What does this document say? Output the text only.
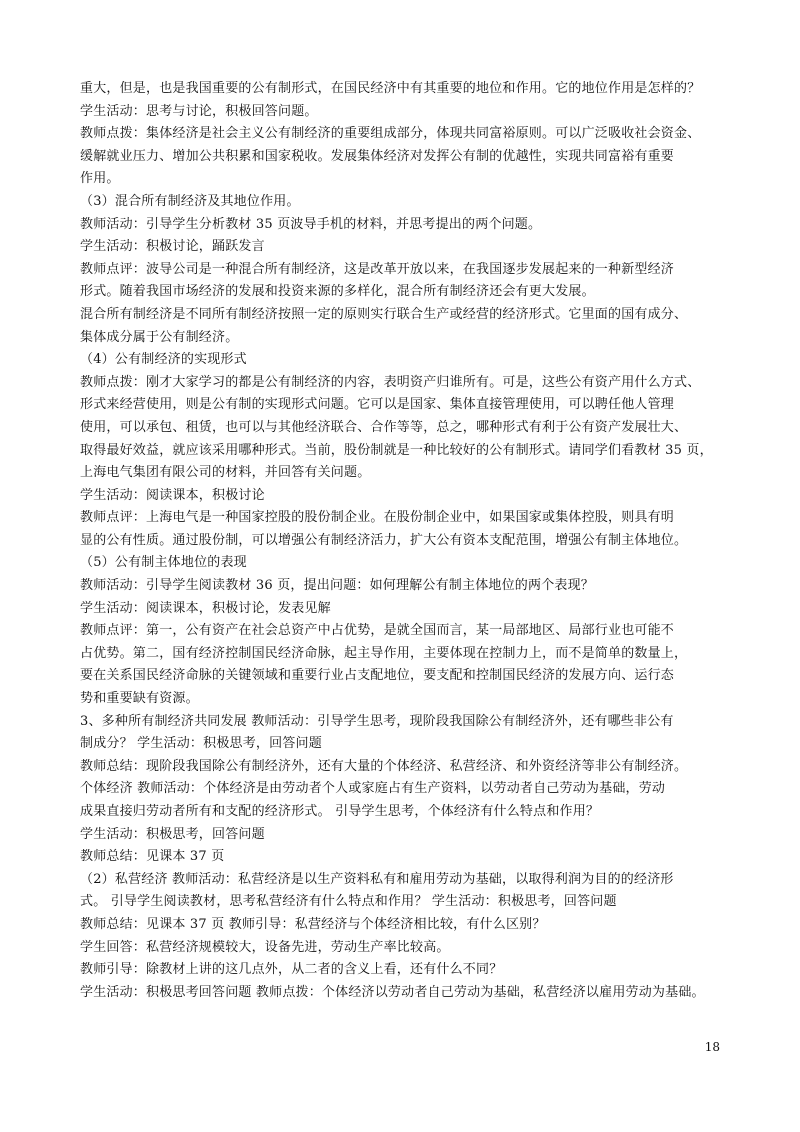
重大，但是，也是我国重要的公有制形式，在国民经济中有其重要的地位和作用。它的地位作用是怎样的？
学生活动：思考与讨论，积极回答问题。
教师点拨：集体经济是社会主义公有制经济的重要组成部分，体现共同富裕原则。可以广泛吸收社会资金、
缓解就业压力、增加公共积累和国家税收。发展集体经济对发挥公有制的优越性，实现共同富裕有重要
作用。
（3）混合所有制经济及其地位作用。
教师活动：引导学生分析教材 35 页波导手机的材料，并思考提出的两个问题。
学生活动：积极讨论，踊跃发言
教师点评：波导公司是一种混合所有制经济，这是改革开放以来，在我国逐步发展起来的一种新型经济
形式。随着我国市场经济的发展和投资来源的多样化，混合所有制经济还会有更大发展。
混合所有制经济是不同所有制经济按照一定的原则实行联合生产或经营的经济形式。它里面的国有成分、
集体成分属于公有制经济。
（4）公有制经济的实现形式
教师点拨：刚才大家学习的都是公有制经济的内容，表明资产归谁所有。可是，这些公有资产用什么方式、
形式来经营使用，则是公有制的实现形式问题。它可以是国家、集体直接管理使用，可以聘任他人管理
使用，可以承包、租赁，也可以与其他经济联合、合作等等，总之，哪种形式有利于公有资产发展壮大、
取得最好效益，就应该采用哪种形式。当前，股份制就是一种比较好的公有制形式。请同学们看教材 35 页，
上海电气集团有限公司的材料，并回答有关问题。
学生活动：阅读课本，积极讨论
教师点评：上海电气是一种国家控股的股份制企业。在股份制企业中，如果国家或集体控股，则具有明
显的公有性质。通过股份制，可以增强公有制经济活力，扩大公有资本支配范围，增强公有制主体地位。
（5）公有制主体地位的表现
教师活动：引导学生阅读教材 36 页，提出问题：如何理解公有制主体地位的两个表现？
学生活动：阅读课本，积极讨论，发表见解
教师点评：第一，公有资产在社会总资产中占优势，是就全国而言，某一局部地区、局部行业也可能不
占优势。第二，国有经济控制国民经济命脉，起主导作用，主要体现在控制力上，而不是简单的数量上，
要在关系国民经济命脉的关键领域和重要行业占支配地位，要支配和控制国民经济的发展方向、运行态
势和重要缺有资源。
3、多种所有制经济共同发展 教师活动：引导学生思考，现阶段我国除公有制经济外，还有哪些非公有
制成分？ 学生活动：积极思考，回答问题
教师总结：现阶段我国除公有制经济外，还有大量的个体经济、私营经济、和外资经济等非公有制经济。
个体经济 教师活动：个体经济是由劳动者个人或家庭占有生产资料，以劳动者自己劳动为基础，劳动
成果直接归劳动者所有和支配的经济形式。 引导学生思考，个体经济有什么特点和作用？
学生活动：积极思考，回答问题
教师总结：见课本 37 页
（2）私营经济 教师活动：私营经济是以生产资料私有和雇用劳动为基础，以取得利润为目的的经济形
式。 引导学生阅读教材，思考私营经济有什么特点和作用？ 学生活动：积极思考，回答问题
教师总结：见课本 37 页 教师引导：私营经济与个体经济相比较，有什么区别？
学生回答：私营经济规模较大，设备先进，劳动生产率比较高。
教师引导：除教材上讲的这几点外，从二者的含义上看，还有什么不同？
学生活动：积极思考回答问题 教师点拨：个体经济以劳动者自己劳动为基础，私营经济以雇用劳动为基础。
18
